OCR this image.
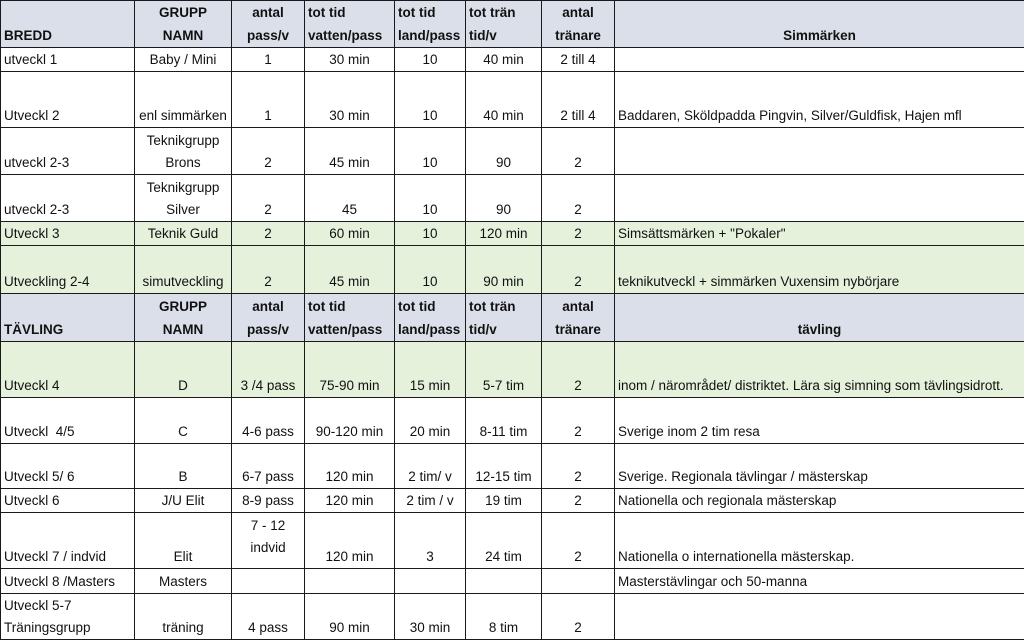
BREDD	GRUPP NAMN	antal pass/v	tot tid vatten/pass	tot tid land/pass	tot trän tid/v	antal tränare	Simmärken
utveckl 1	Baby / Mini	1	30 min	10	40 min	2 till 4	
Utveckl 2	enl simmärken	1	30 min	10	40 min	2 till 4	Baddaren, Sköldpadda Pingvin, Silver/Guldfisk, Hajen mfl
utveckl 2-3	Teknikgrupp Brons	2	45 min	10	90	2	
utveckl 2-3	Teknikgrupp Silver	2	45	10	90	2	
Utveckl 3	Teknik Guld	2	60 min	10	120 min	2	Simsättsmärken + "Pokaler"
Utveckling 2-4	simutveckling	2	45 min	10	90 min	2	teknikutveckl + simmärken Vuxensim nybörjare
TÄVLING	GRUPP NAMN	antal pass/v	tot tid vatten/pass	tot tid land/pass	tot trän tid/v	antal tränare	tävling
Utveckl 4	D	3 /4 pass	75-90 min	15 min	5-7 tim	2	inom / närområdet/ distriktet. Lära sig simning som tävlingsidrott.
Utveckl  4/5	C	4-6 pass	90-120 min	20 min	8-11 tim	2	Sverige inom 2 tim resa
Utveckl 5/ 6	B	6-7 pass	120 min	2 tim/ v	12-15 tim	2	Sverige. Regionala tävlingar / mästerskap
Utveckl 6	J/U Elit	8-9 pass	120 min	2 tim / v	19 tim	2	Nationella och regionala mästerskap
Utveckl 7 / indvid	Elit	7 - 12 indvid	120 min	3	24 tim	2	Nationella o internationella mästerskap.
Utveckl 8 /Masters	Masters						Masterstävlingar och 50-manna
Utveckl 5-7 Träningsgrupp	träning	4 pass	90 min	30 min	8 tim	2	
